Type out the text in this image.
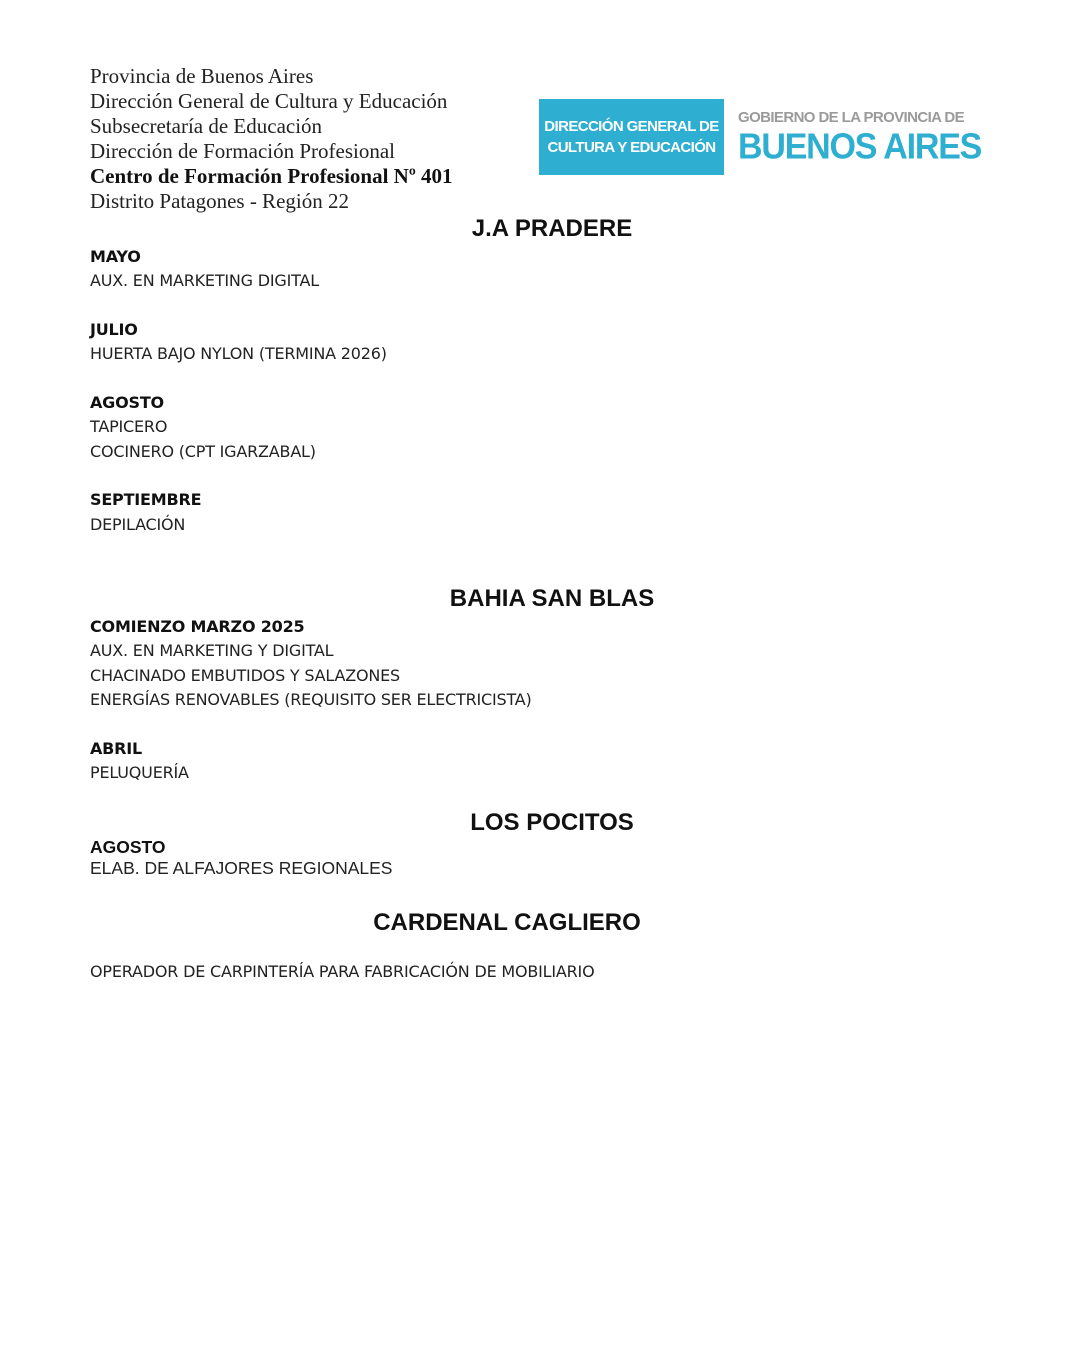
Provincia de Buenos Aires
Dirección General de Cultura y Educación
Subsecretaría de Educación
Dirección de Formación Profesional
Centro de Formación Profesional Nº 401
Distrito Patagones - Región 22
DIRECCIÓN GENERAL DE
CULTURA Y EDUCACIÓN
GOBIERNO DE LA PROVINCIA DE
BUENOS AIRES
J.A PRADERE
MAYO
AUX. EN MARKETING DIGITAL
JULIO
HUERTA BAJO NYLON (TERMINA 2026)
AGOSTO
TAPICERO
COCINERO (CPT IGARZABAL)
SEPTIEMBRE
DEPILACIÓN
BAHIA SAN BLAS
COMIENZO MARZO 2025
AUX. EN MARKETING Y DIGITAL
CHACINADO EMBUTIDOS Y SALAZONES
ENERGÍAS RENOVABLES (REQUISITO SER ELECTRICISTA)
ABRIL
PELUQUERÍA
LOS POCITOS
AGOSTO
ELAB. DE ALFAJORES REGIONALES
CARDENAL CAGLIERO
OPERADOR DE CARPINTERÍA PARA FABRICACIÓN DE MOBILIARIO
